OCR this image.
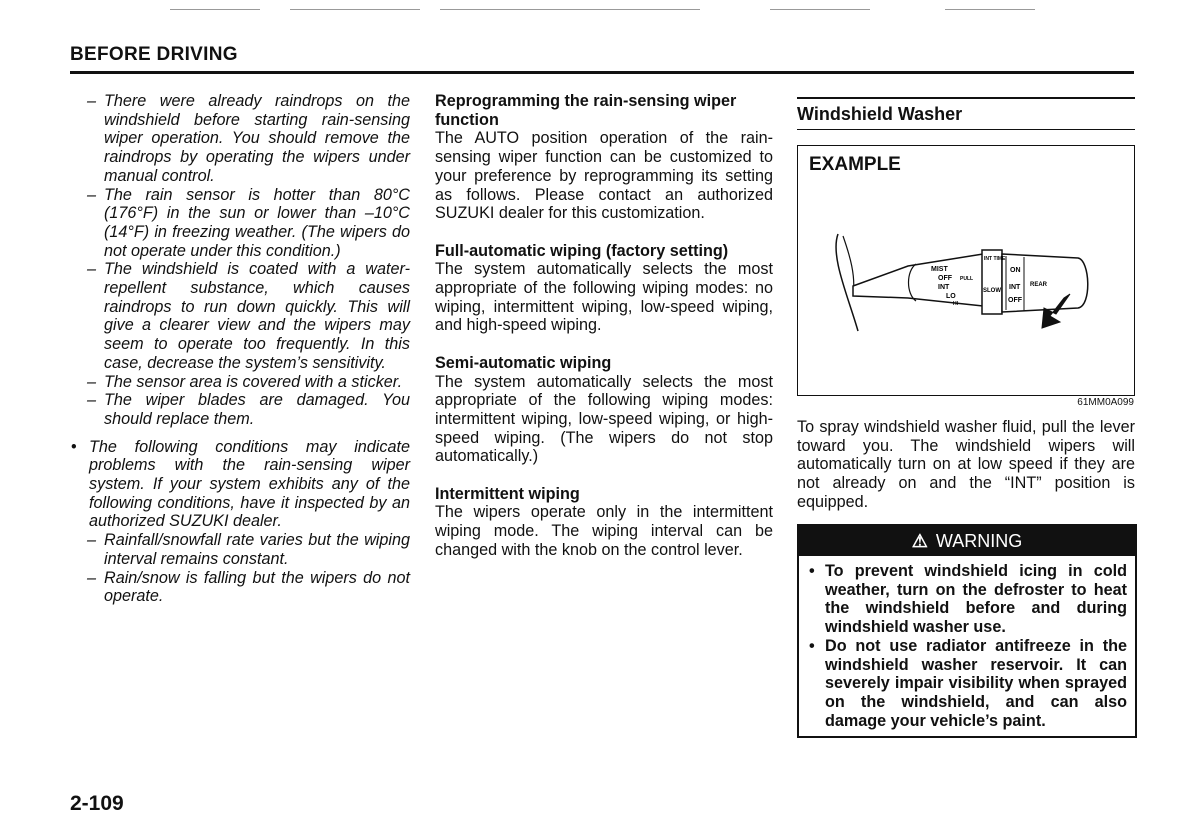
BEFORE DRIVING
– There were already raindrops on the windshield before starting rain-sensing wiper operation. You should remove the raindrops by operating the wipers under manual control.
– The rain sensor is hotter than 80°C (176°F) in the sun or lower than –10°C (14°F) in freezing weather. (The wipers do not operate under this condition.)
– The windshield is coated with a water-repellent substance, which causes raindrops to run down quickly. This will give a clearer view and the wipers may seem to operate too frequently. In this case, decrease the system’s sensitivity.
– The sensor area is covered with a sticker.
– The wiper blades are damaged. You should replace them.
• The following conditions may indicate problems with the rain-sensing wiper system. If your system exhibits any of the following conditions, have it inspected by an authorized SUZUKI dealer.
– Rainfall/snowfall rate varies but the wiping interval remains constant.
– Rain/snow is falling but the wipers do not operate.
Reprogramming the rain-sensing wiper function
The AUTO position operation of the rain-sensing wiper function can be customized to your preference by reprogramming its setting as follows. Please contact an authorized SUZUKI dealer for this customization.
Full-automatic wiping (factory setting)
The system automatically selects the most appropriate of the following wiping modes: no wiping, intermittent wiping, low-speed wiping, and high-speed wiping.
Semi-automatic wiping
The system automatically selects the most appropriate of the following wiping modes: intermittent wiping, low-speed wiping, or high-speed wiping. (The wipers do not stop automatically.)
Intermittent wiping
The wipers operate only in the intermittent wiping mode. The wiping interval can be changed with the knob on the control lever.
Windshield Washer
EXAMPLE
MIST
OFF PULL
INT
LO
HI
INT TIME
SLOW
ON
INT
OFF
REAR
61MM0A099
To spray windshield washer fluid, pull the lever toward you. The windshield wipers will automatically turn on at low speed if they are not already on and the “INT” position is equipped.
⚠ WARNING
• To prevent windshield icing in cold weather, turn on the defroster to heat the windshield before and during windshield washer use.
• Do not use radiator antifreeze in the windshield washer reservoir. It can severely impair visibility when sprayed on the windshield, and can also damage your vehicle’s paint.
2-109
